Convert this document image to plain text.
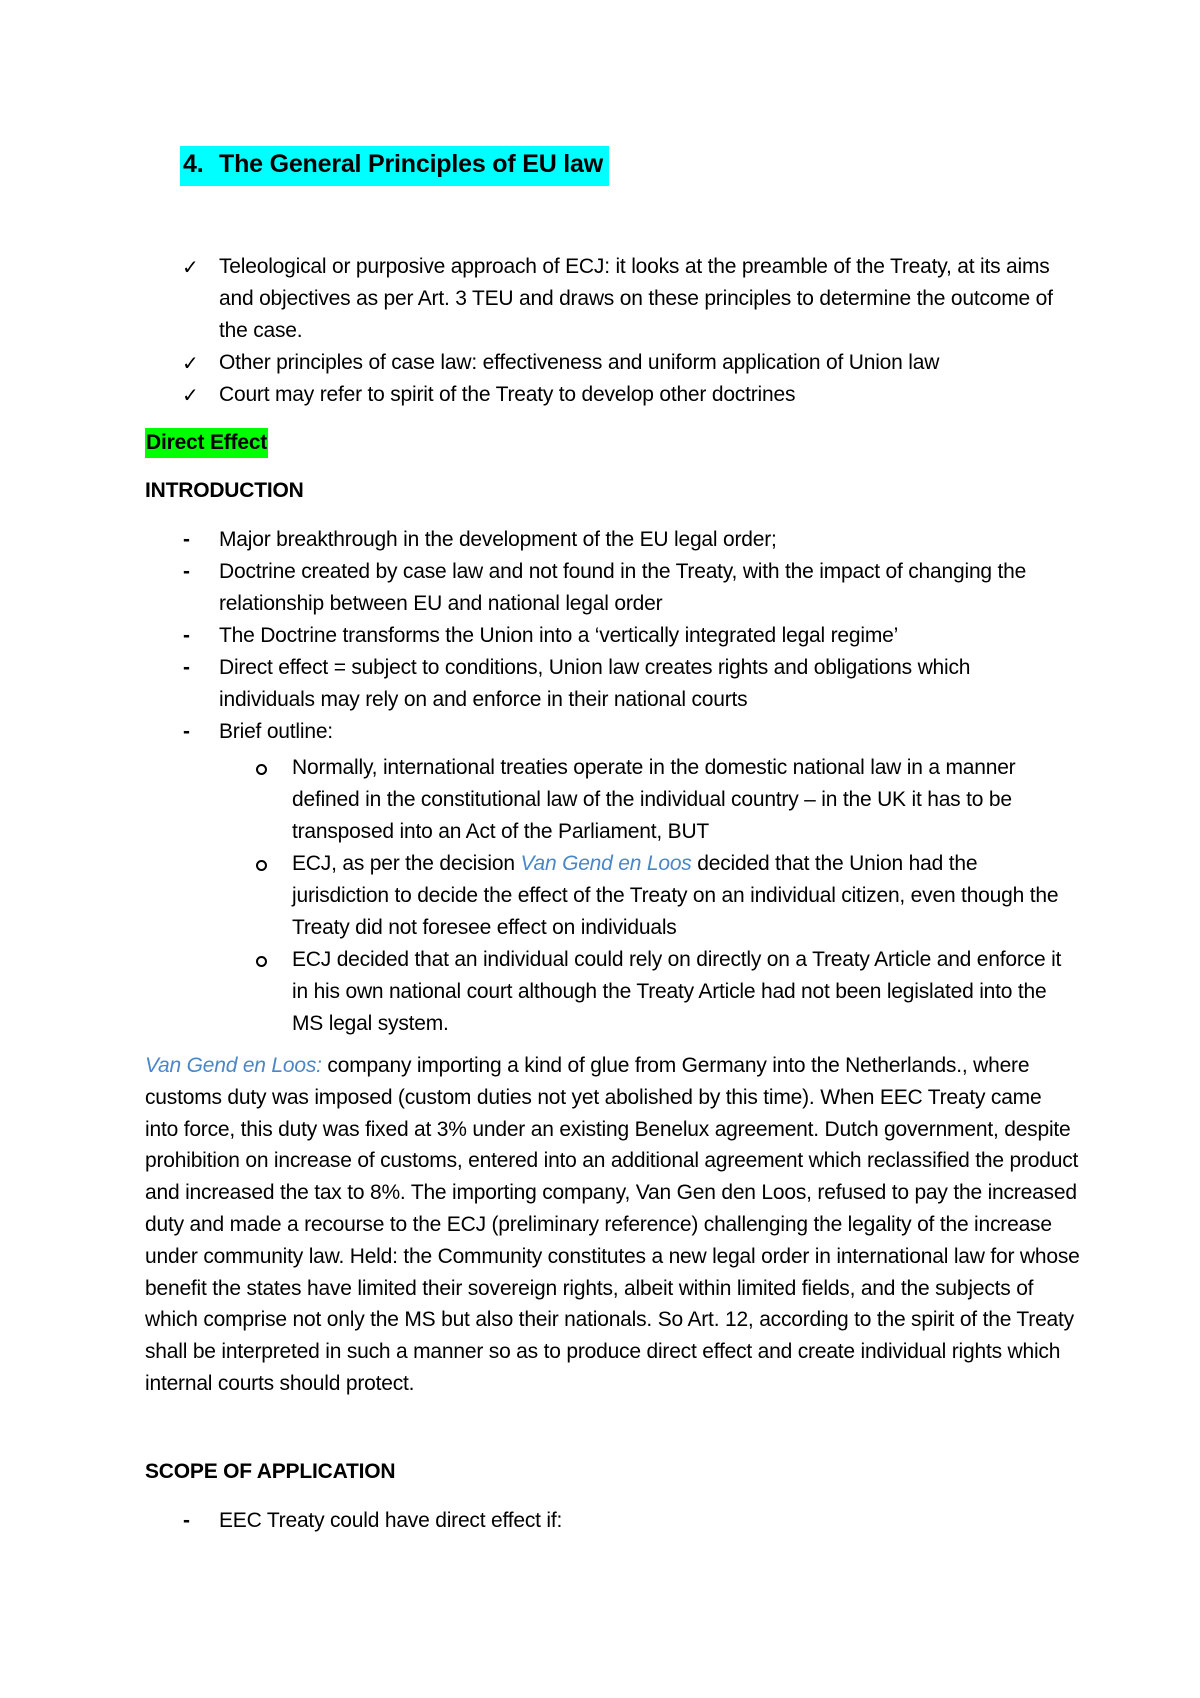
4. The General Principles of EU law
✓ Teleological or purposive approach of ECJ: it looks at the preamble of the Treaty, at its aims and objectives as per Art. 3 TEU and draws on these principles to determine the outcome of the case.
✓ Other principles of case law: effectiveness and uniform application of Union law
✓ Court may refer to spirit of the Treaty to develop other doctrines
Direct Effect
INTRODUCTION
- Major breakthrough in the development of the EU legal order;
- Doctrine created by case law and not found in the Treaty, with the impact of changing the relationship between EU and national legal order
- The Doctrine transforms the Union into a ‘vertically integrated legal regime’
- Direct effect = subject to conditions, Union law creates rights and obligations which individuals may rely on and enforce in their national courts
- Brief outline:
Normally, international treaties operate in the domestic national law in a manner defined in the constitutional law of the individual country – in the UK it has to be transposed into an Act of the Parliament, BUT
ECJ, as per the decision Van Gend en Loos decided that the Union had the jurisdiction to decide the effect of the Treaty on an individual citizen, even though the Treaty did not foresee effect on individuals
ECJ decided that an individual could rely on directly on a Treaty Article and enforce it in his own national court although the Treaty Article had not been legislated into the MS legal system.
Van Gend en Loos: company importing a kind of glue from Germany into the Netherlands., where customs duty was imposed (custom duties not yet abolished by this time). When EEC Treaty came into force, this duty was fixed at 3% under an existing Benelux agreement. Dutch government, despite prohibition on increase of customs, entered into an additional agreement which reclassified the product and increased the tax to 8%. The importing company, Van Gen den Loos, refused to pay the increased duty and made a recourse to the ECJ (preliminary reference) challenging the legality of the increase under community law. Held: the Community constitutes a new legal order in international law for whose benefit the states have limited their sovereign rights, albeit within limited fields, and the subjects of which comprise not only the MS but also their nationals. So Art. 12, according to the spirit of the Treaty shall be interpreted in such a manner so as to produce direct effect and create individual rights which internal courts should protect.
SCOPE OF APPLICATION
- EEC Treaty could have direct effect if:
